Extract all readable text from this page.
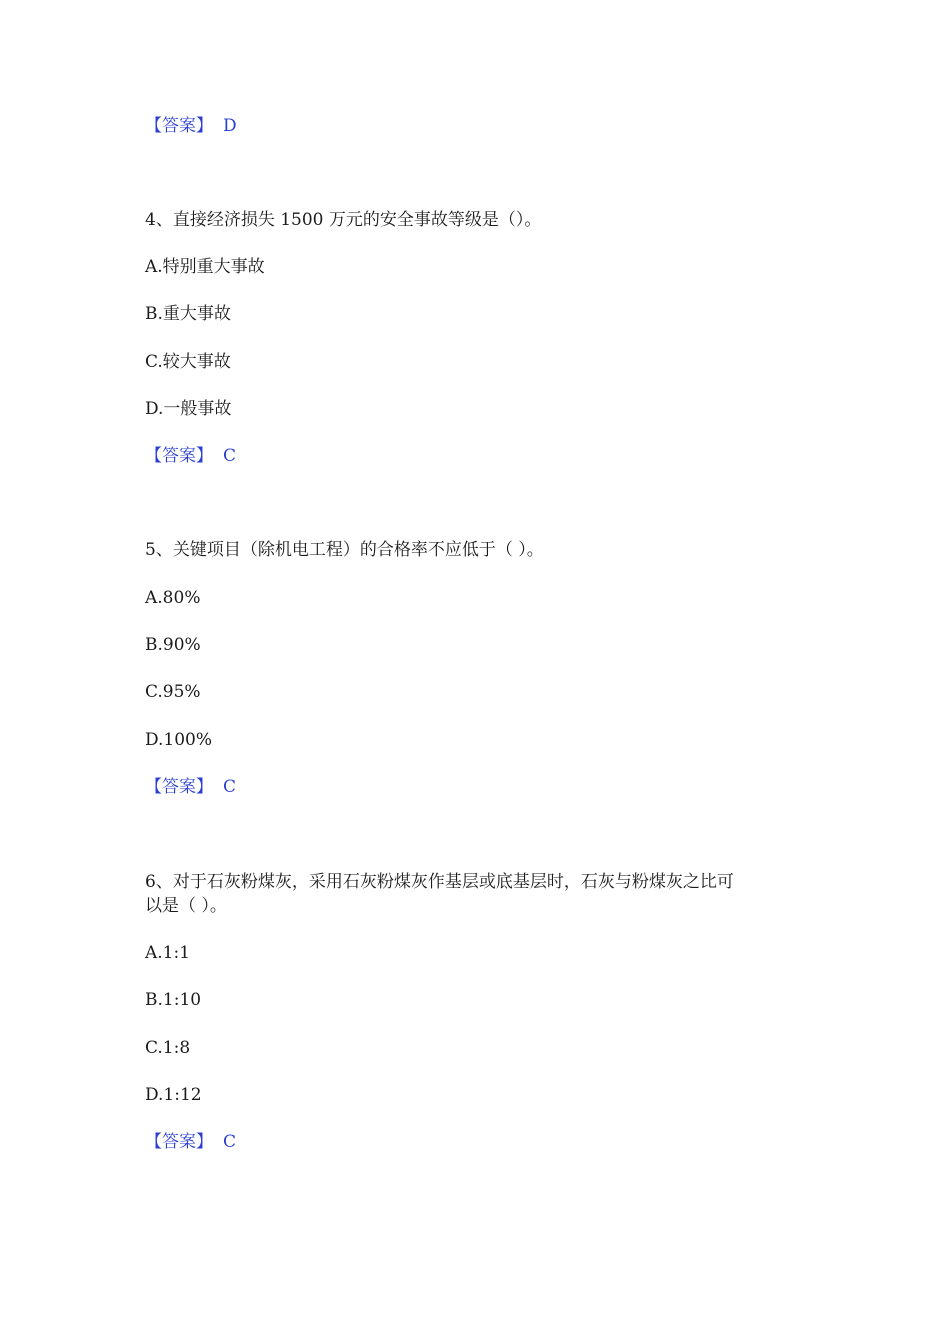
【答案】 D
4、直接经济损失 1500 万元的安全事故等级是（）。
A.特别重大事故
B.重大事故
C.较大事故
D.一般事故
【答案】 C
5、关键项目（除机电工程）的合格率不应低于（ ）。
A.80%
B.90%
C.95%
D.100%
【答案】 C
6、对于石灰粉煤灰，采用石灰粉煤灰作基层或底基层时，石灰与粉煤灰之比可
以是（ ）。
A.1:1
B.1:10
C.1:8
D.1:12
【答案】 C
